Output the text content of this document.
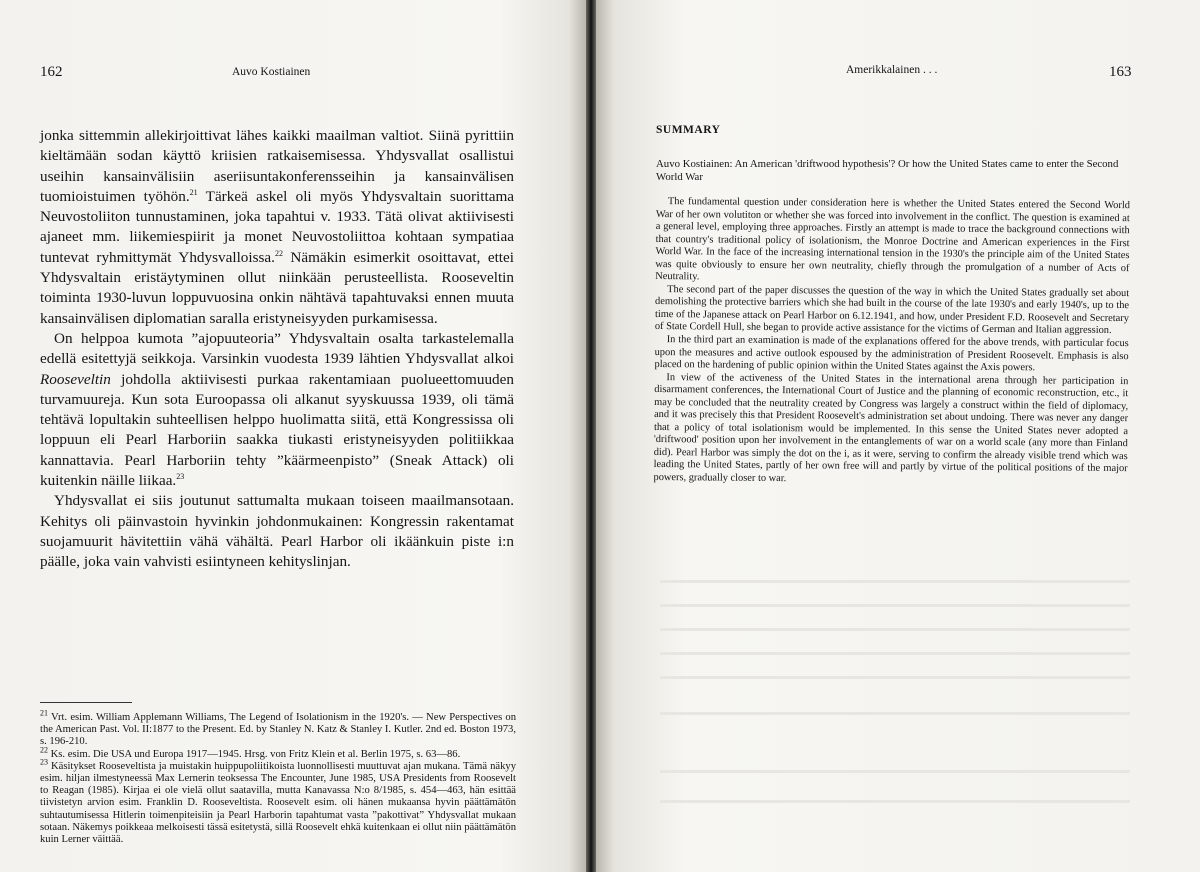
162	Auvo Kostiainen

jonka sittemmin allekirjoittivat lähes kaikki maailman valtiot. Siinä pyrittiin kieltämään sodan käyttö kriisien ratkaisemisessa. Yhdysvallat osallistui useihin kansainvälisiin aseriisuntakonferensseihin ja kansainvälisen tuomioistuimen työhön.$^{21}$ Tärkeä askel oli myös Yhdysvaltain suorittama Neuvostoliiton tunnustaminen, joka tapahtui v. 1933. Tätä olivat aktiivisesti ajaneet mm. liikemiespiirit ja monet Neuvostoliittoa kohtaan sympatiaa tuntevat ryhmittymät Yhdysvalloissa.$^{22}$ Nämäkin esimerkit osoittavat, ettei Yhdysvaltain eristäytyminen ollut niinkään perusteellista. Rooseveltin toiminta 1930-luvun loppuvuosina onkin nähtävä tapahtuvaksi ennen muuta kansainvälisen diplomatian saralla eristyneisyyden purkamisessa.

On helppoa kumota ”ajopuuteoria” Yhdysvaltain osalta tarkastelemalla edellä esitettyjä seikkoja. Varsinkin vuodesta 1939 lähtien Yhdysvallat alkoi Rooseveltin johdolla aktiivisesti purkaa rakentamiaan puolueettomuuden turvamuureja. Kun sota Euroopassa oli alkanut syyskuussa 1939, oli tämä tehtävä lopultakin suhteellisen helppo huolimatta siitä, että Kongressissa oli loppuun eli Pearl Harboriin saakka tiukasti eristyneisyyden politiikkaa kannattavia. Pearl Harboriin tehty ”käärmeenpisto” (Sneak Attack) oli kuitenkin näille liikaa.$^{23}$

Yhdysvallat ei siis joutunut sattumalta mukaan toiseen maailmansotaan. Kehitys oli päinvastoin hyvinkin johdonmukainen: Kongressin rakentamat suojamuurit hävitettiin vähä vähältä. Pearl Harbor oli ikäänkuin piste i:n päälle, joka vain vahvisti esiintyneen kehityslinjan.

$^{21}$ Vrt. esim. William Applemann Williams, The Legend of Isolationism in the 1920's. — New Perspectives on the American Past. Vol. II:1877 to the Present. Ed. by Stanley N. Katz & Stanley I. Kutler. 2nd ed. Boston 1973, s. 196-210.

$^{22}$ Ks. esim. Die USA und Europa 1917—1945. Hrsg. von Fritz Klein et al. Berlin 1975, s. 63—86.

$^{23}$ Käsitykset Rooseveltista ja muistakin huippupoliitikoista luonnollisesti muuttuvat ajan mukana. Tämä näkyy esim. hiljan ilmestyneessä Max Lernerin teoksessa The Encounter, June 1985, USA Presidents from Roosevelt to Reagan (1985). Kirjaa ei ole vielä ollut saatavilla, mutta Kanavassa N:o 8/1985, s. 454—463, hän esittää tiivistetyn arvion esim. Franklin D. Rooseveltista. Roosevelt esim. oli hänen mukaansa hyvin päättämätön suhtautumisessa Hitlerin toimenpiteisiin ja Pearl Harborin tapahtumat vasta ”pakottivat” Yhdysvallat mukaan sotaan. Näkemys poikkeaa melkoisesti tässä esitetystä, sillä Roosevelt ehkä kuitenkaan ei ollut niin päättämätön kuin Lerner väittää.

Amerikkalainen . . .	163
SUMMARY
Auvo Kostiainen: An American 'driftwood hypothesis'? Or how the United States came to enter the Second World War

The fundamental question under consideration here is whether the United States entered the Second World War of her own volutiton or whether she was forced into involvement in the conflict. The question is examined at a general level, employing three approaches. Firstly an attempt is made to trace the background connections with that country's traditional policy of isolationism, the Monroe Doctrine and American experiences in the First World War. In the face of the increasing international tension in the 1930's the principle aim of the United States was quite obviously to ensure her own neutrality, chiefly through the promulgation of a number of Acts of Neutrality.

The second part of the paper discusses the question of the way in which the United States gradually set about demolishing the protective barriers which she had built in the course of the late 1930's and early 1940's, up to the time of the Japanese attack on Pearl Harbor on 6.12.1941, and how, under President F.D. Roosevelt and Secretary of State Cordell Hull, she began to provide active assistance for the victims of German and Italian aggression.

In the third part an examination is made of the explanations offered for the above trends, with particular focus upon the measures and active outlook espoused by the administration of President Roosevelt. Emphasis is also placed on the hardening of public opinion within the United States against the Axis powers.

In view of the activeness of the United States in the international arena through her participation in disarmament conferences, the International Court of Justice and the planning of economic reconstruction, etc., it may be concluded that the neutrality created by Congress was largely a construct within the field of diplomacy, and it was precisely this that President Roosevelt's administration set about undoing. There was never any danger that a policy of total isolationism would be implemented. In this sense the United States never adopted a 'driftwood' position upon her involvement in the entanglements of war on a world scale (any more than Finland did). Pearl Harbor was simply the dot on the i, as it were, serving to confirm the already visible trend which was leading the United States, partly of her own free will and partly by virtue of the political positions of the major powers, gradually closer to war.
